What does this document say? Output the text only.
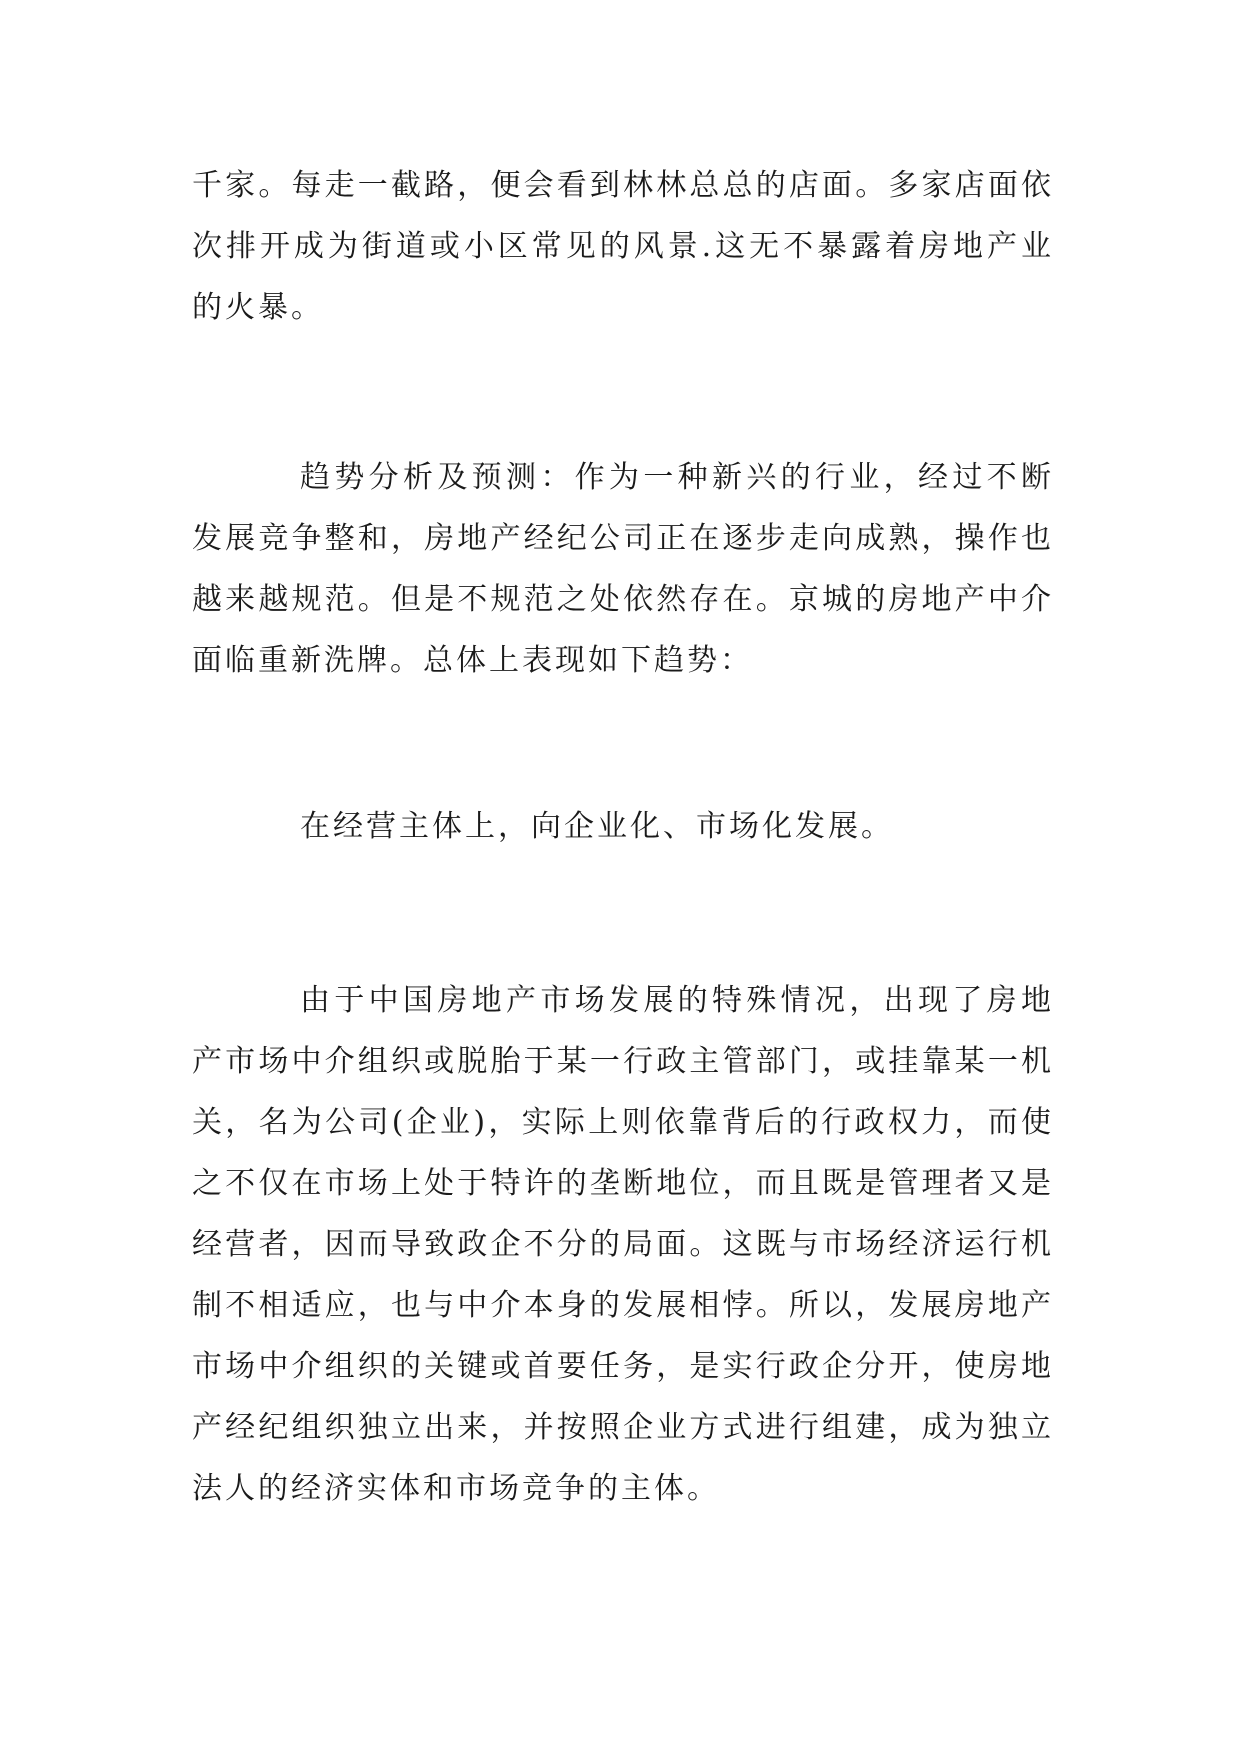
千家。每走一截路，便会看到林林总总的店面。多家店面依次排开成为街道或小区常见的风景.这无不暴露着房地产业的火暴。

趋势分析及预测：作为一种新兴的行业，经过不断发展竞争整和，房地产经纪公司正在逐步走向成熟，操作也越来越规范。但是不规范之处依然存在。京城的房地产中介面临重新洗牌。总体上表现如下趋势：

在经营主体上，向企业化、市场化发展。

由于中国房地产市场发展的特殊情况，出现了房地产市场中介组织或脱胎于某一行政主管部门，或挂靠某一机关，名为公司(企业)，实际上则依靠背后的行政权力，而使之不仅在市场上处于特许的垄断地位，而且既是管理者又是经营者，因而导致政企不分的局面。这既与市场经济运行机制不相适应，也与中介本身的发展相悖。所以，发展房地产市场中介组织的关键或首要任务，是实行政企分开，使房地产经纪组织独立出来，并按照企业方式进行组建，成为独立法人的经济实体和市场竞争的主体。
